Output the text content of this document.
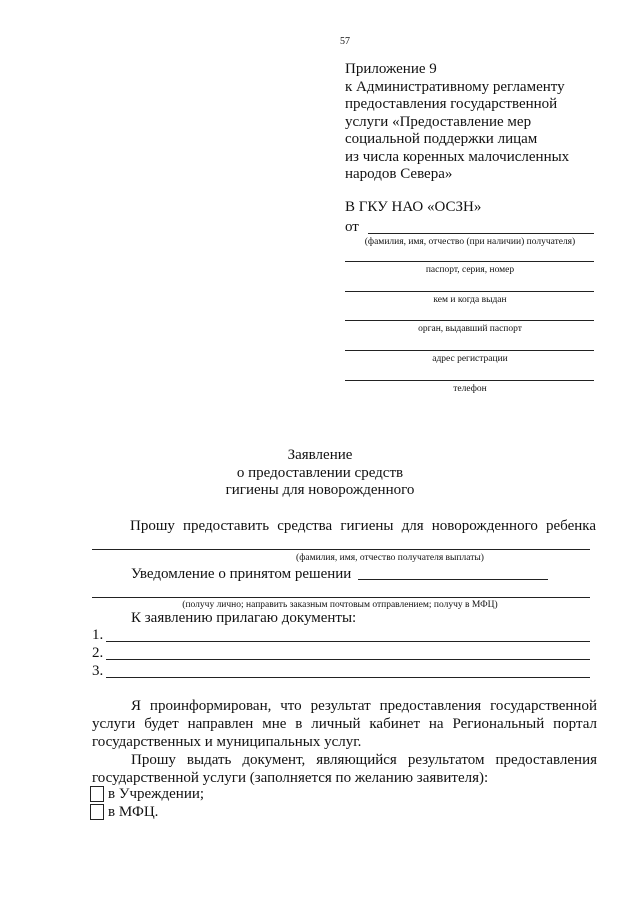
57
Приложение 9
к Административному регламенту
предоставления государственной
услуги «Предоставление мер
социальной поддержки лицам
из числа коренных малочисленных
народов Севера»
В ГКУ НАО «ОСЗН»
от
(фамилия, имя, отчество (при наличии) получателя)
паспорт, серия, номер
кем и когда выдан
орган, выдавший паспорт
адрес регистрации
телефон
Заявление
о предоставлении средств
гигиены для новорожденного
Прошу предоставить средства гигиены для новорожденного ребенка
(фамилия, имя, отчество получателя выплаты)
Уведомление о принятом решении
(получу лично; направить заказным почтовым отправлением; получу в МФЦ)
К заявлению прилагаю документы:
1.
2.
3.
Я проинформирован, что результат предоставления государственной
услуги будет направлен мне в личный кабинет на Региональный портал
государственных и муниципальных услуг.
Прошу выдать документ, являющийся результатом предоставления
государственной услуги (заполняется по желанию заявителя):
в Учреждении;
в МФЦ.
